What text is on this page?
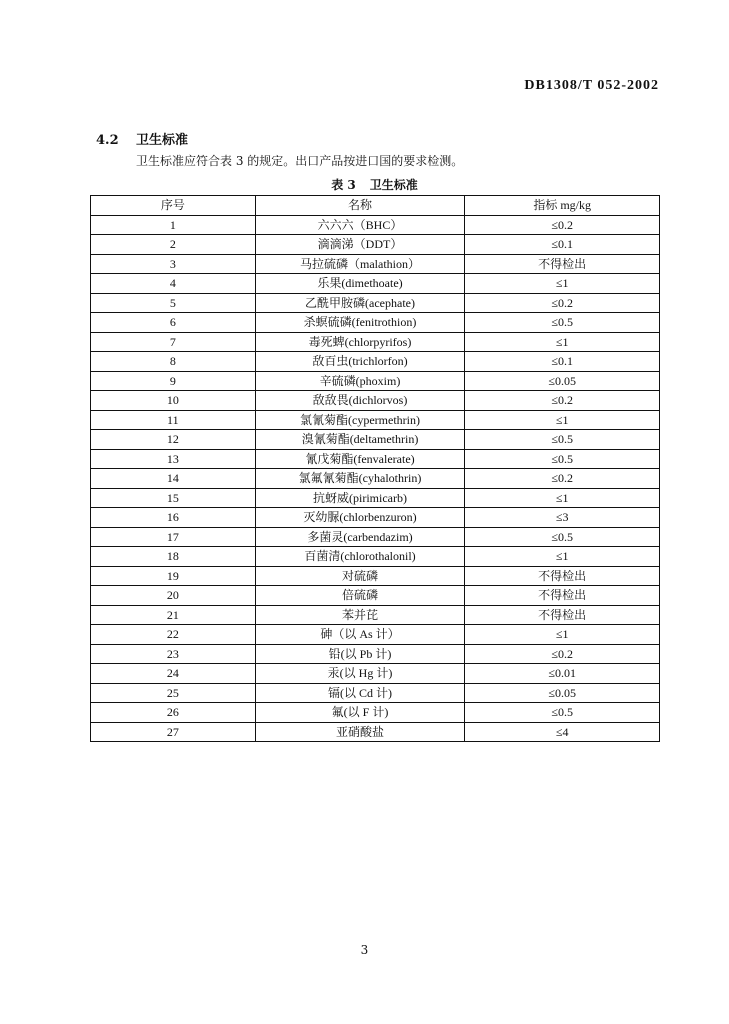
DB1308/T 052-2002
4.2 卫生标准
卫生标准应符合表 3 的规定。出口产品按进口国的要求检测。
表 3 卫生标准
序号	名称	指标 mg/kg
1	六六六（BHC）	≤0.2
2	滴滴涕（DDT）	≤0.1
3	马拉硫磷（malathion）	不得检出
4	乐果(dimethoate)	≤1
5	乙酰甲胺磷(acephate)	≤0.2
6	杀螟硫磷(fenitrothion)	≤0.5
7	毒死蜱(chlorpyrifos)	≤1
8	敌百虫(trichlorfon)	≤0.1
9	辛硫磷(phoxim)	≤0.05
10	敌敌畏(dichlorvos)	≤0.2
11	氯氰菊酯(cypermethrin)	≤1
12	溴氰菊酯(deltamethrin)	≤0.5
13	氰戊菊酯(fenvalerate)	≤0.5
14	氯氟氰菊酯(cyhalothrin)	≤0.2
15	抗蚜威(pirimicarb)	≤1
16	灭幼脲(chlorbenzuron)	≤3
17	多菌灵(carbendazim)	≤0.5
18	百菌清(chlorothalonil)	≤1
19	对硫磷	不得检出
20	倍硫磷	不得检出
21	苯并芘	不得检出
22	砷（以 As 计）	≤1
23	铅(以 Pb 计)	≤0.2
24	汞(以 Hg 计)	≤0.01
25	镉(以 Cd 计)	≤0.05
26	氟(以 F 计)	≤0.5
27	亚硝酸盐	≤4
3
